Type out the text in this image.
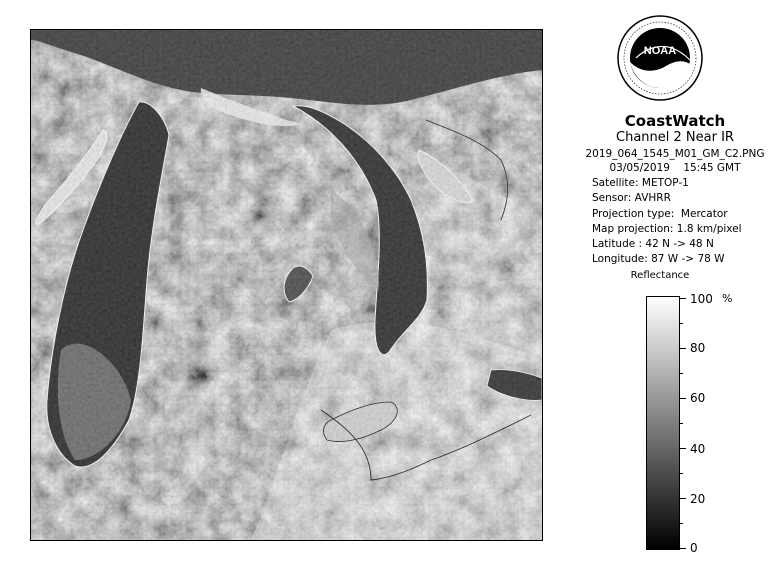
NOAA
CoastWatch
Channel 2 Near IR
2019_064_1545_M01_GM_C2.PNG
03/05/2019    15:45 GMT
Satellite: METOP-1
Sensor: AVHRR
Projection type:  Mercator
Map projection: 1.8 km/pixel
Latitude : 42 N -> 48 N
Longitude: 87 W -> 78 W
Reflectance
%
100
80
60
40
20
0
